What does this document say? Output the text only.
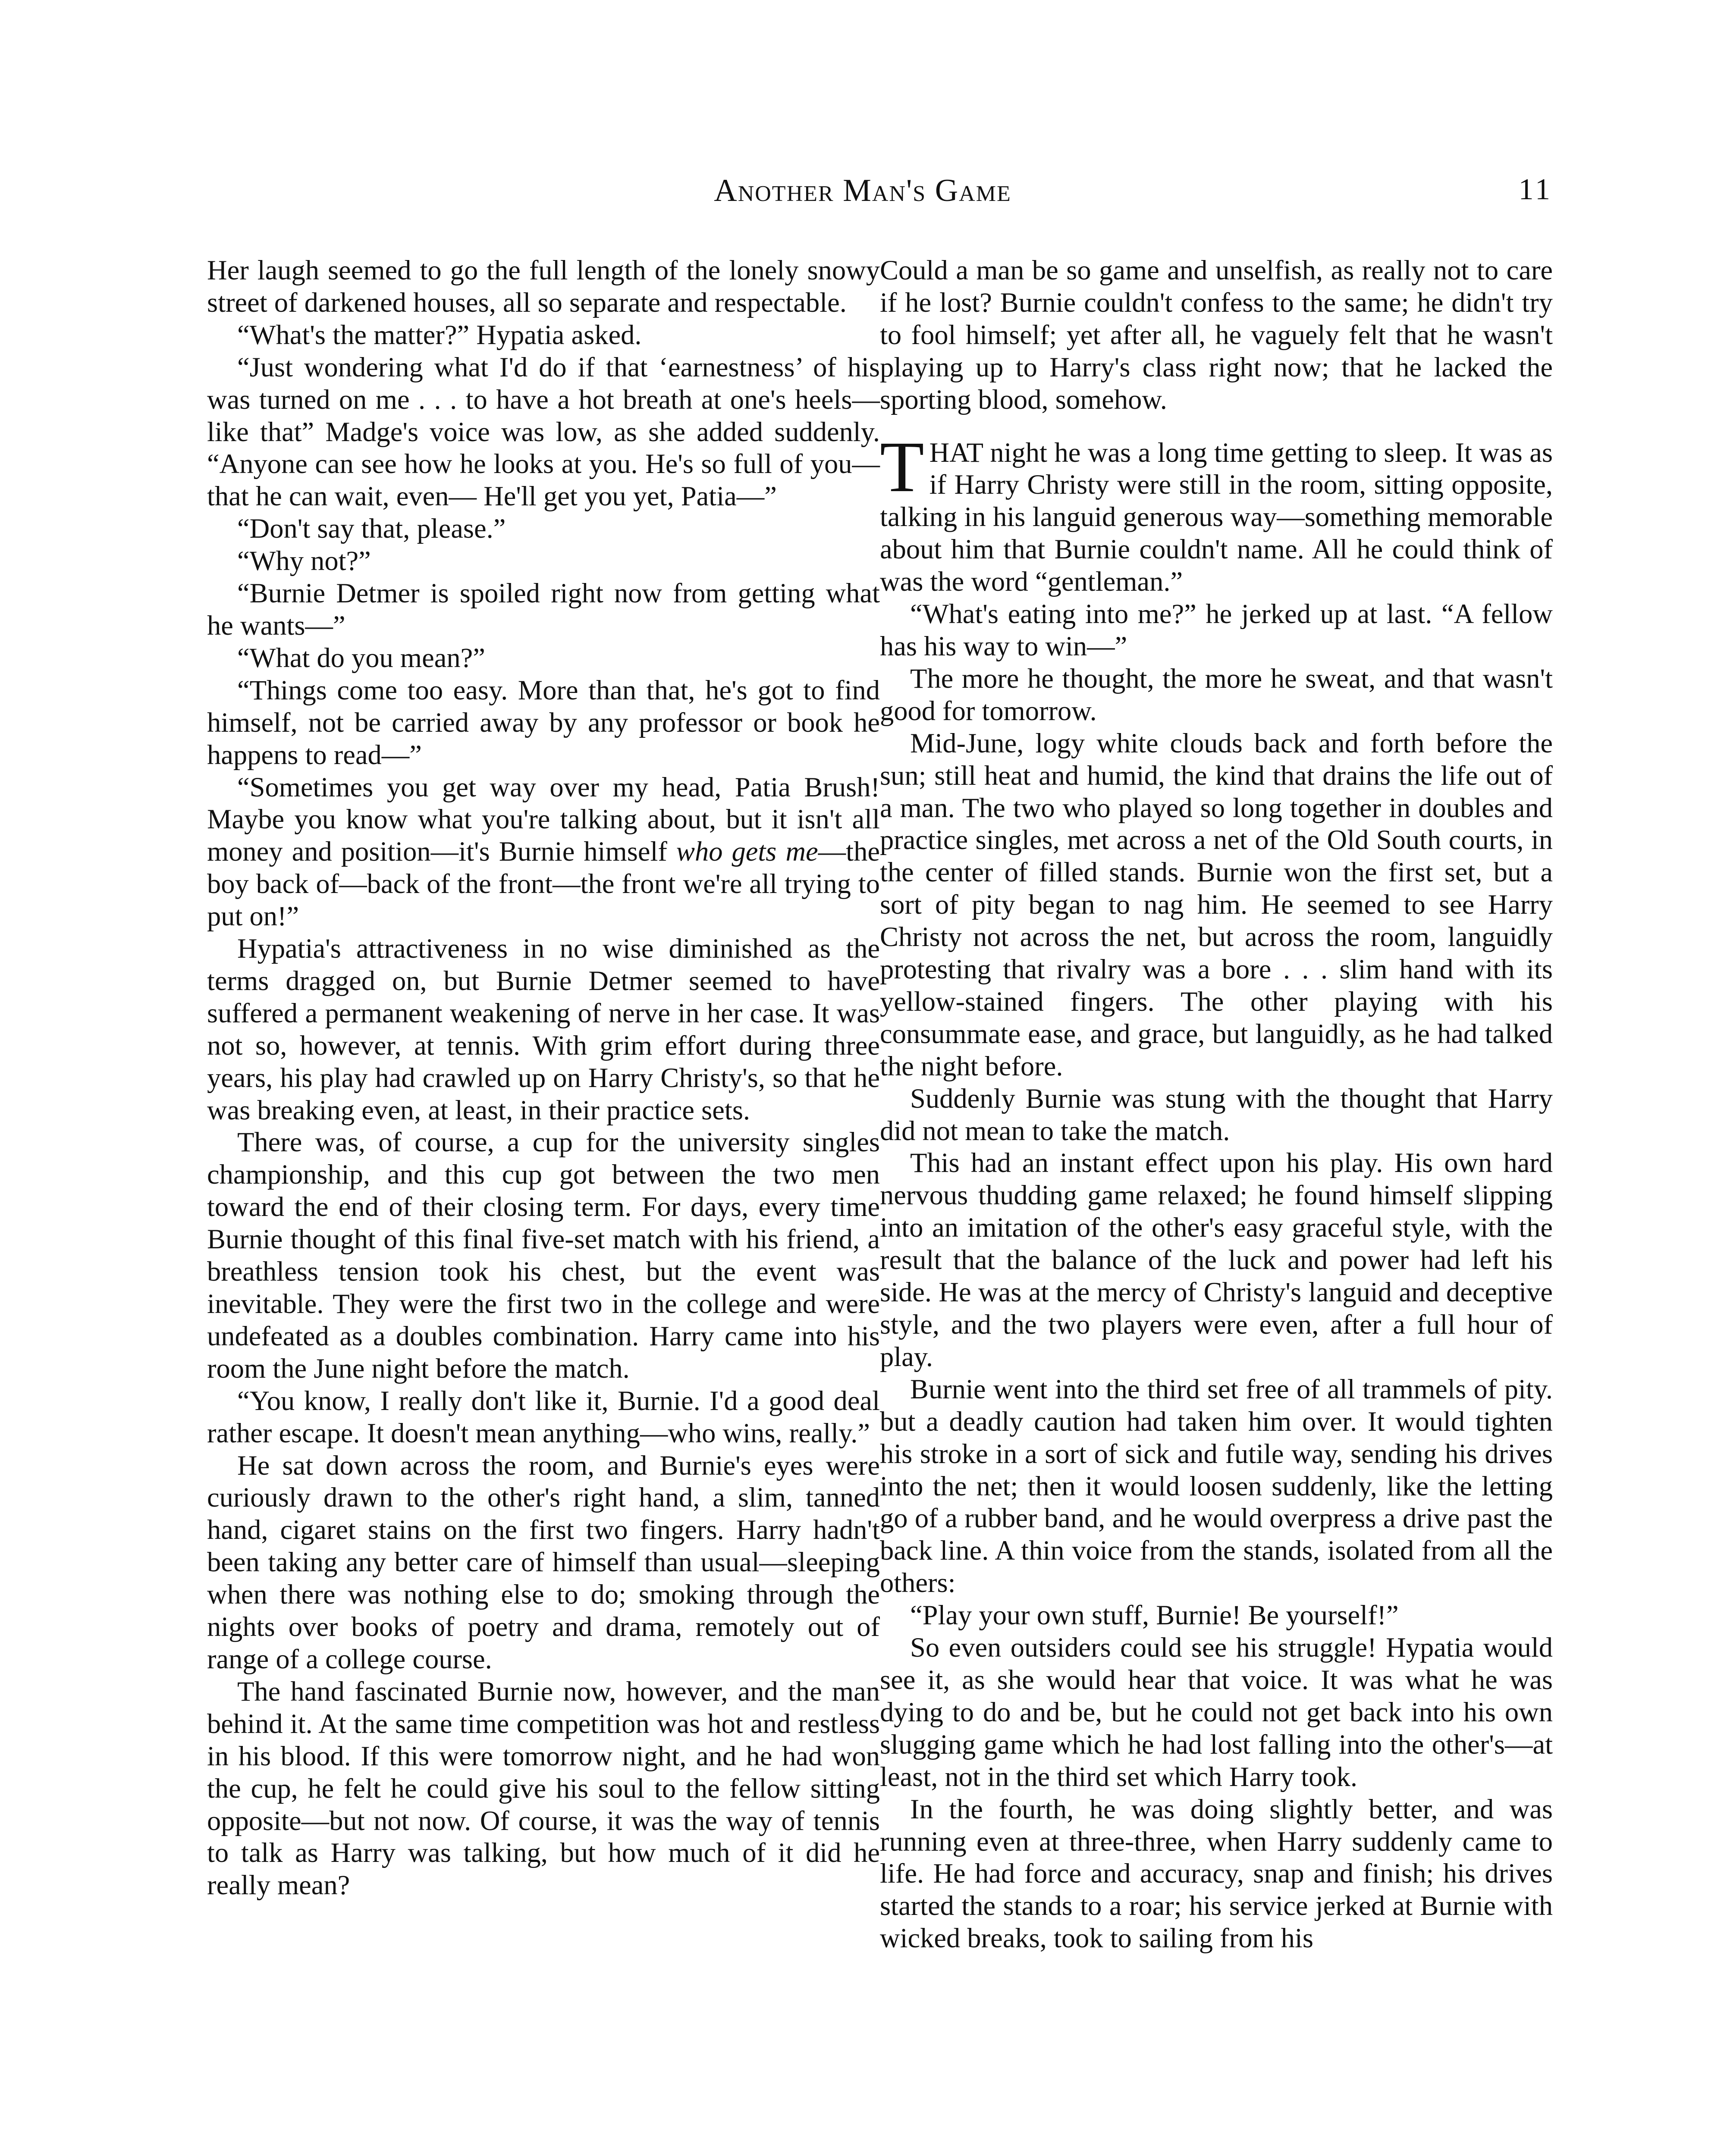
Another Man's Game	11

Her laugh seemed to go the full length of the lonely snowy street of darkened houses, all so separate and respectable.

“What's the matter?” Hypatia asked.

“Just wondering what I'd do if that ‘earnestness’ of his was turned on me . . . to have a hot breath at one's heels—like that” Madge's voice was low, as she added suddenly. “Anyone can see how he looks at you. He's so full of you—that he can wait, even— He'll get you yet, Patia—”

“Don't say that, please.”

“Why not?”

“Burnie Detmer is spoiled right now from getting what he wants—”

“What do you mean?”

“Things come too easy. More than that, he's got to find himself, not be carried away by any professor or book he happens to read—”

“Sometimes you get way over my head, Patia Brush! Maybe you know what you're talking about, but it isn't all money and position—it's Burnie himself who gets me—the boy back of—back of the front—the front we're all trying to put on!”

Hypatia's attractiveness in no wise diminished as the terms dragged on, but Burnie Detmer seemed to have suffered a permanent weakening of nerve in her case. It was not so, however, at tennis. With grim effort during three years, his play had crawled up on Harry Christy's, so that he was breaking even, at least, in their practice sets.

There was, of course, a cup for the university singles championship, and this cup got between the two men toward the end of their closing term. For days, every time Burnie thought of this final five-set match with his friend, a breathless tension took his chest, but the event was inevitable. They were the first two in the college and were undefeated as a doubles combination. Harry came into his room the June night before the match.

“You know, I really don't like it, Burnie. I'd a good deal rather escape. It doesn't mean anything—who wins, really.”

He sat down across the room, and Burnie's eyes were curiously drawn to the other's right hand, a slim, tanned hand, cigaret stains on the first two fingers. Harry hadn't been taking any better care of himself than usual—sleeping when there was nothing else to do; smoking through the nights over books of poetry and drama, remotely out of range of a college course.

The hand fascinated Burnie now, however, and the man behind it. At the same time competition was hot and restless in his blood. If this were tomorrow night, and he had won the cup, he felt he could give his soul to the fellow sitting opposite—but not now. Of course, it was the way of tennis to talk as Harry was talking, but how much of it did he really mean?

Could a man be so game and unselfish, as really not to care if he lost? Burnie couldn't confess to the same; he didn't try to fool himself; yet after all, he vaguely felt that he wasn't playing up to Harry's class right now; that he lacked the sporting blood, somehow.

THAT night he was a long time getting to sleep. It was as if Harry Christy were still in the room, sitting opposite, talking in his languid generous way—something memorable about him that Burnie couldn't name. All he could think of was the word “gentleman.”

“What's eating into me?” he jerked up at last. “A fellow has his way to win—”

The more he thought, the more he sweat, and that wasn't good for tomorrow.

Mid-June, logy white clouds back and forth before the sun; still heat and humid, the kind that drains the life out of a man. The two who played so long together in doubles and practice singles, met across a net of the Old South courts, in the center of filled stands. Burnie won the first set, but a sort of pity began to nag him. He seemed to see Harry Christy not across the net, but across the room, languidly protesting that rivalry was a bore . . . slim hand with its yellow-stained fingers. The other playing with his consummate ease, and grace, but languidly, as he had talked the night before.

Suddenly Burnie was stung with the thought that Harry did not mean to take the match.

This had an instant effect upon his play. His own hard nervous thudding game relaxed; he found himself slipping into an imitation of the other's easy graceful style, with the result that the balance of the luck and power had left his side. He was at the mercy of Christy's languid and deceptive style, and the two players were even, after a full hour of play.

Burnie went into the third set free of all trammels of pity. but a deadly caution had taken him over. It would tighten his stroke in a sort of sick and futile way, sending his drives into the net; then it would loosen suddenly, like the letting go of a rubber band, and he would overpress a drive past the back line. A thin voice from the stands, isolated from all the others:

“Play your own stuff, Burnie! Be yourself!”

So even outsiders could see his struggle! Hypatia would see it, as she would hear that voice. It was what he was dying to do and be, but he could not get back into his own slugging game which he had lost falling into the other's—at least, not in the third set which Harry took.

In the fourth, he was doing slightly better, and was running even at three-three, when Harry suddenly came to life. He had force and accuracy, snap and finish; his drives started the stands to a roar; his service jerked at Burnie with wicked breaks, took to sailing from his
